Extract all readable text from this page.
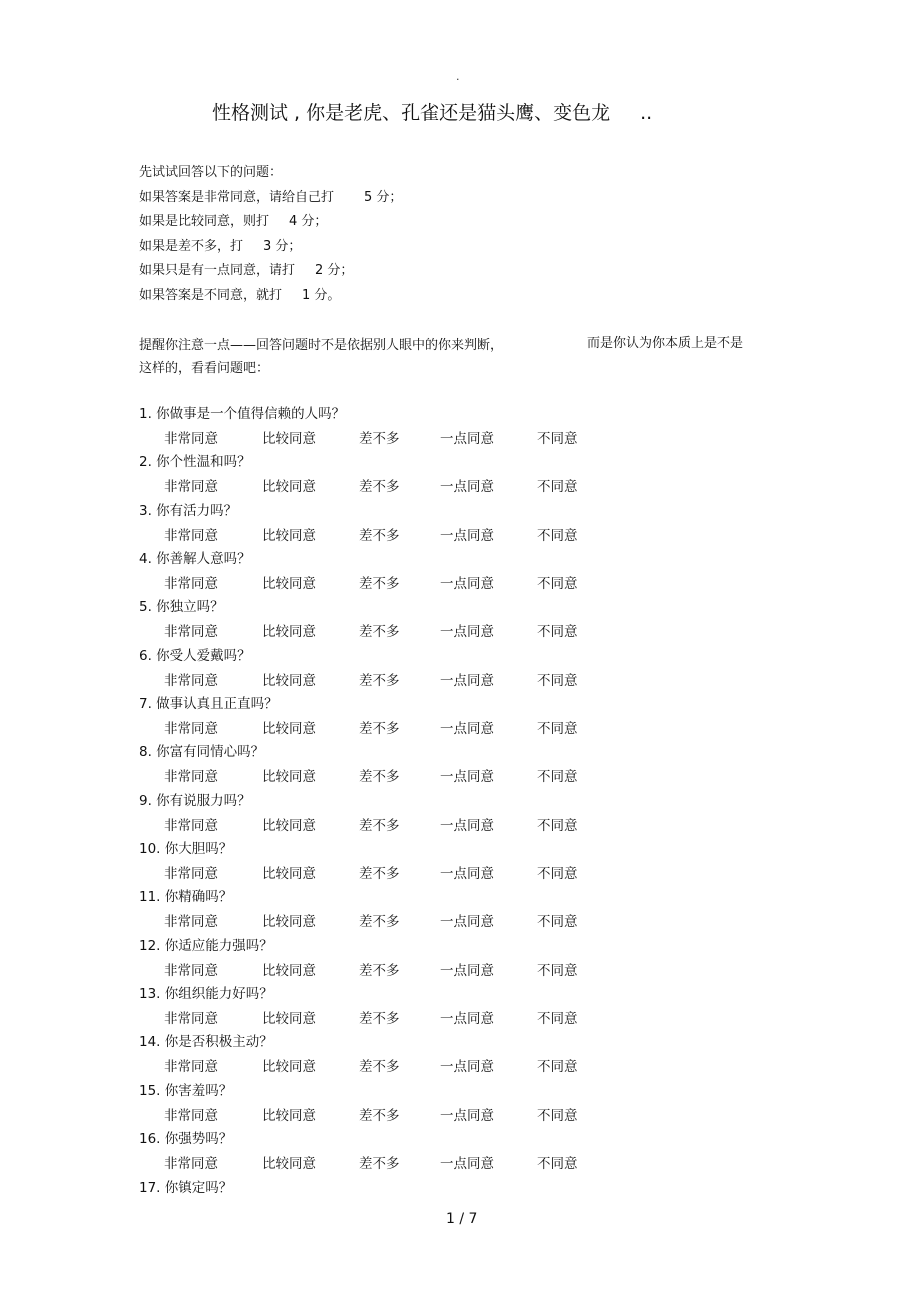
.
性格测试 , 你是老虎、孔雀还是猫头鹰、变色龙 ..
先试试回答以下的问题：
如果答案是非常同意，请给自己打 5 分；
如果是比较同意，则打 4 分；
如果是差不多，打 3 分；
如果只是有一点同意，请打 2 分；
如果答案是不同意，就打 1 分。
提醒你注意一点——回答问题时不是依据别人眼中的你来判断，	而是你认为你本质上是不是
这样的，看看问题吧：
1. 你做事是一个值得信赖的人吗？
非常同意	比较同意	差不多	一点同意	不同意
2. 你个性温和吗？
非常同意	比较同意	差不多	一点同意	不同意
3. 你有活力吗？
非常同意	比较同意	差不多	一点同意	不同意
4. 你善解人意吗？
非常同意	比较同意	差不多	一点同意	不同意
5. 你独立吗？
非常同意	比较同意	差不多	一点同意	不同意
6. 你受人爱戴吗？
非常同意	比较同意	差不多	一点同意	不同意
7. 做事认真且正直吗？
非常同意	比较同意	差不多	一点同意	不同意
8. 你富有同情心吗？
非常同意	比较同意	差不多	一点同意	不同意
9. 你有说服力吗？
非常同意	比较同意	差不多	一点同意	不同意
10. 你大胆吗？
非常同意	比较同意	差不多	一点同意	不同意
11. 你精确吗？
非常同意	比较同意	差不多	一点同意	不同意
12. 你适应能力强吗？
非常同意	比较同意	差不多	一点同意	不同意
13. 你组织能力好吗？
非常同意	比较同意	差不多	一点同意	不同意
14. 你是否积极主动？
非常同意	比较同意	差不多	一点同意	不同意
15. 你害羞吗？
非常同意	比较同意	差不多	一点同意	不同意
16. 你强势吗？
非常同意	比较同意	差不多	一点同意	不同意
17. 你镇定吗？
1 / 7
